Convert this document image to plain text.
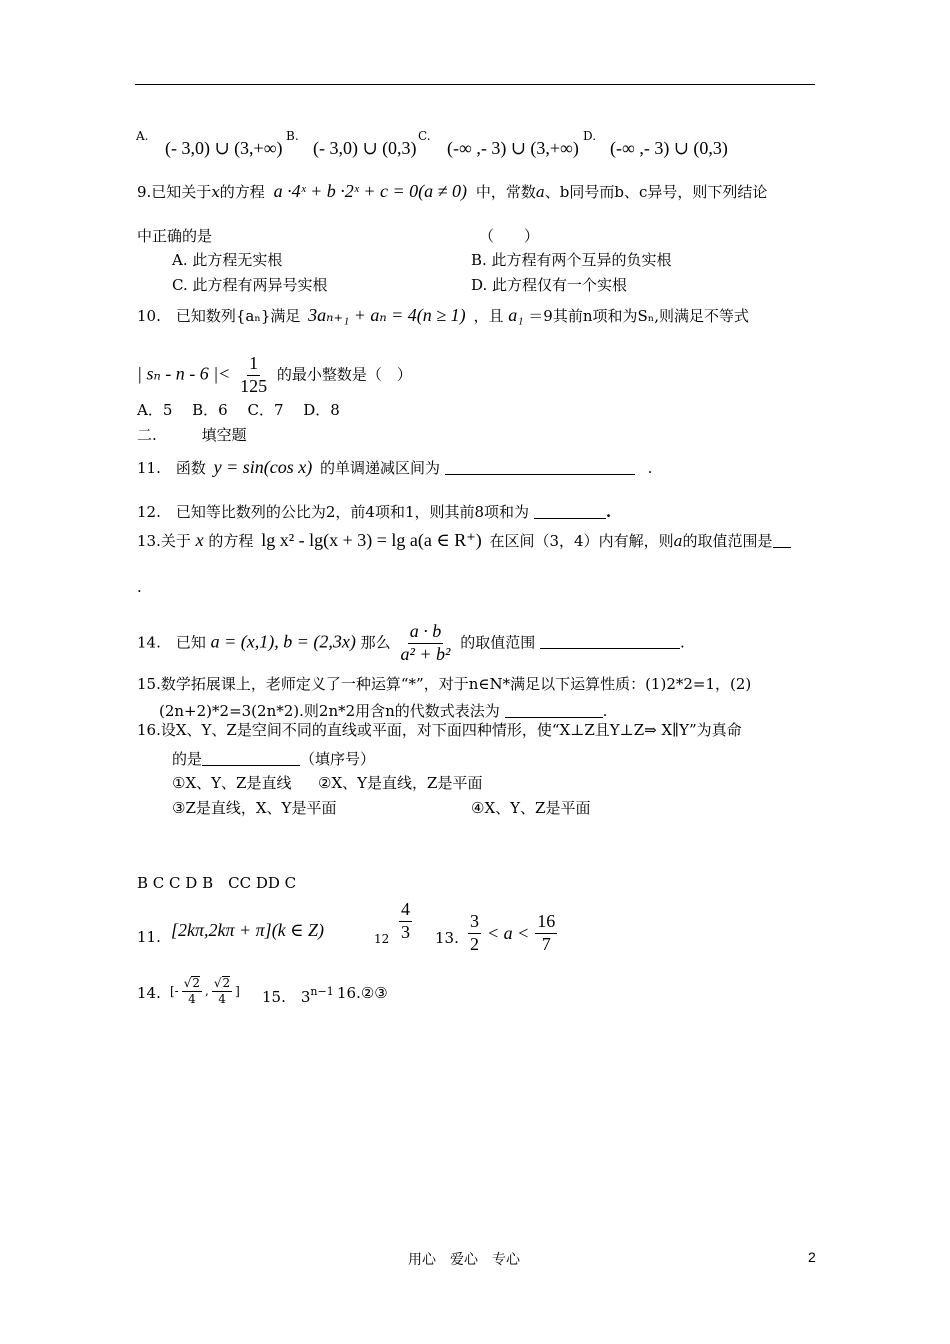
A.
(- 3,0) ∪ (3,+∞)
B.
(- 3,0) ∪ (0,3)
C.
(-∞ ,- 3) ∪ (3,+∞)
D.
(-∞ ,- 3) ∪ (0,3)
9.已知关于x的方程 a ·4ˣ + b ·2ˣ + c = 0(a ≠ 0) 中，常数a、b同号而b、c异号，则下列结论
中正确的是	（　　）
A. 此方程无实根	B. 此方程有两个互异的负实根
C. 此方程有两异号实根	D. 此方程仅有一个实根
10.　已知数列{aₙ}满足 3aₙ₊₁ + aₙ = 4(n ≥ 1) ，且 a₁ ＝9其前n项和为Sₙ,则满足不等式
| sₙ - n - 6 |< $\frac{1}{125}$ 的最小整数是（　）
A．5　 B．6　 C．7　 D．8
二.	填空题
11.　函数 y = sin(cos x) 的单调递减区间为	.
12.　已知等比数列的公比为2，前4项和1，则其前8项和为	.
13.关于 x 的方程 lg x² - lg(x + 3) = lg a(a ∈ R⁺) 在区间（3，4）内有解，则a的取值范围是
.
14.　已知 a = (x,1), b = (2,3x) 那么 $\frac{a \cdot b}{\text{a² + b²}}$ 的取值范围	.
15.数学拓展课上，老师定义了一种运算“*”，对于n∈N*满足以下运算性质：(1)2*2=1，(2)
(2n+2)*2=3(2n*2).则2n*2用含n的代数式表法为	.
16.设X、Y、Z是空间不同的直线或平面，对下面四种情形，使“X⊥Z且Y⊥Z⇒ X∥Y”为真命
的是	（填序号）
①X、Y、Z是直线 ②X、Y是直线，Z是平面
③Z是直线，X、Y是平面	④X、Y、Z是平面
B C C D B　CC DD C
11. [2kπ,2kπ + π](k ∈ Z)	$12 \frac{4}{3} 13$. $\frac{3}{2} < a < \frac{16}{7}$
14. [- $\frac{√2}{4}$ , $\frac{√2}{4}$ ] 15.　$3^{n-1}$ 16.②③
用心　爱心　专心	2
